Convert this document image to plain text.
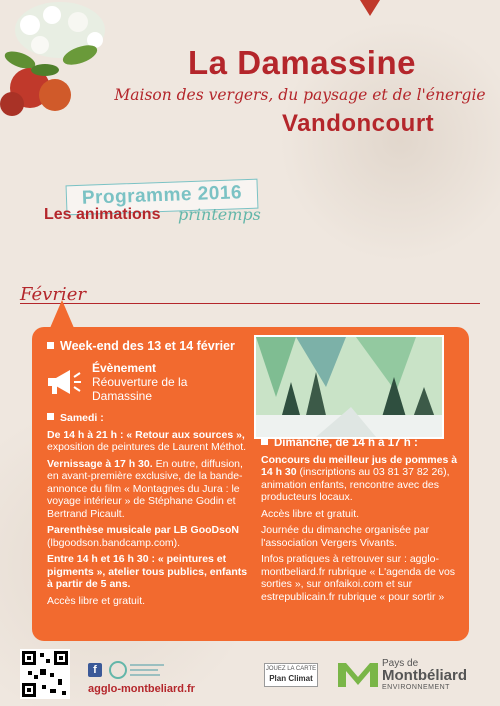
La Damassine
Maison des vergers, du paysage et de l'énergie
Vandoncourt
Programme 2016
Les animations printemps
Février
Week-end des 13 et 14 février
Évènement
Réouverture de la Damassine

Samedi :

De 14 h à 21 h : « Retour aux sources », exposition de peintures de Laurent Méthot.

Vernissage à 17 h 30. En outre, diffusion, en avant-première exclusive, de la bande-annonce du film « Montagnes du Jura : le voyage intérieur » de Stéphane Godin et Bertrand Picault.

Parenthèse musicale par LB GooDsoN (lbgoodson.bandcamp.com).

Entre 14 h et 16 h 30 : « peintures et pigments », atelier tous publics, enfants à partir de 5 ans.

Accès libre et gratuit.

Dimanche, de 14 h à 17 h :

Concours du meilleur jus de pommes à 14 h 30 (inscriptions au 03 81 37 82 26), animation enfants, rencontre avec des producteurs locaux.

Accès libre et gratuit.

Journée du dimanche organisée par l'association Vergers Vivants.

Infos pratiques à retrouver sur : agglo-montbeliard.fr rubrique « L'agenda de vos sorties », sur onfaikoi.com et sur estrepublicain.fr rubrique « pour sortir »

f
agglo-montbeliard.fr
JOUEZ LA CARTE
Plan Climat
Pays de
Montbéliard
ENVIRONNEMENT
